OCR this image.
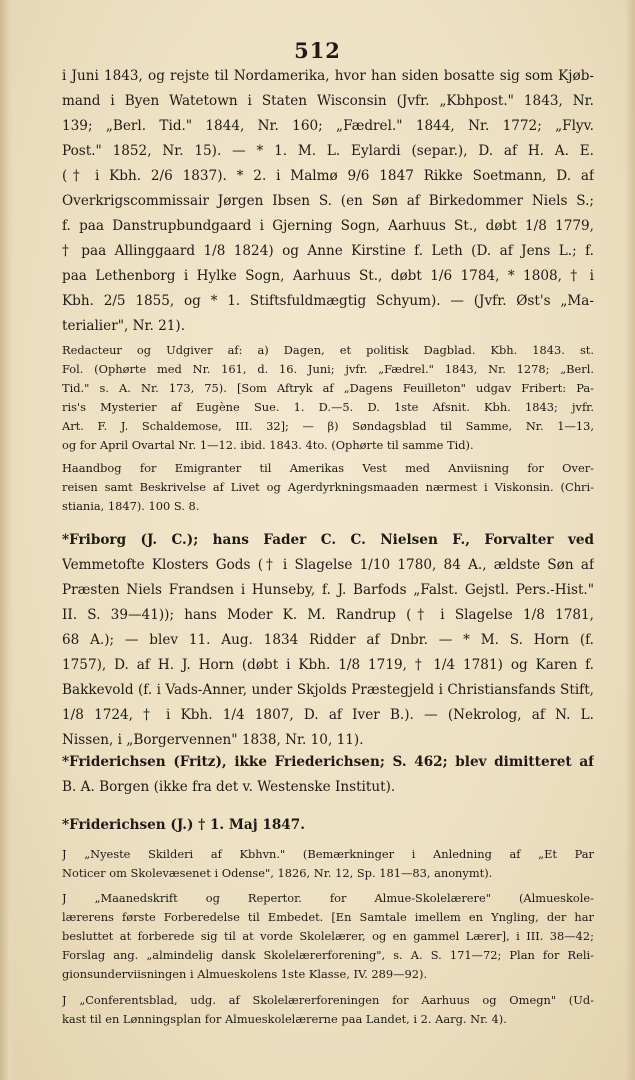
512
i Juni 1843, og rejste til Nordamerika, hvor han siden bosatte sig som Kjøb-
mand i Byen Watetown i Staten Wisconsin (Jvfr. „Kbhpost." 1843, Nr.
139; „Berl. Tid." 1844, Nr. 160; „Fædrel." 1844, Nr. 1772; „Flyv.
Post." 1852, Nr. 15). — * 1. M. L. Eylardi (separ.), D. af H. A. E.
(† i Kbh. 2/6 1837). * 2. i Malmø 9/6 1847 Rikke Soetmann, D. af
Overkrigscommissair Jørgen Ibsen S. (en Søn af Birkedommer Niels S.;
f. paa Danstrupbundgaard i Gjerning Sogn, Aarhuus St., døbt 1/8 1779,
† paa Allinggaard 1/8 1824) og Anne Kirstine f. Leth (D. af Jens L.; f.
paa Lethenborg i Hylke Sogn, Aarhuus St., døbt 1/6 1784, * 1808, † i
Kbh. 2/5 1855, og * 1. Stiftsfuldmægtig Schyum). — (Jvfr. Øst's „Ma-
terialier", Nr. 21).
Redacteur og Udgiver af: a) Dagen, et politisk Dagblad. Kbh. 1843. st.
Fol. (Ophørte med Nr. 161, d. 16. Juni; jvfr. „Fædrel." 1843, Nr. 1278; „Berl.
Tid." s. A. Nr. 173, 75). [Som Aftryk af „Dagens Feuilleton" udgav Fribert: Pa-
ris's Mysterier af Eugène Sue. 1. D.—5. D. 1ste Afsnit. Kbh. 1843; jvfr.
Art. F. J. Schaldemose, III. 32]; — β) Søndagsblad til Samme, Nr. 1—13,
og for April Ovartal Nr. 1—12. ibid. 1843. 4to. (Ophørte til samme Tid).
Haandbog for Emigranter til Amerikas Vest med Anviisning for Over-
reisen samt Beskrivelse af Livet og Agerdyrkningsmaaden nærmest i Viskonsin. (Chri-
stiania, 1847). 100 S. 8.
*Friborg (J. C.); hans Fader C. C. Nielsen F., Forvalter ved
Vemmetofte Klosters Gods († i Slagelse 1/10 1780, 84 A., ældste Søn af
Præsten Niels Frandsen i Hunseby, f. J. Barfods „Falst. Gejstl. Pers.-Hist."
II. S. 39—41)); hans Moder K. M. Randrup († i Slagelse 1/8 1781,
68 A.); — blev 11. Aug. 1834 Ridder af Dnbr. — * M. S. Horn (f.
1757), D. af H. J. Horn (døbt i Kbh. 1/8 1719, † 1/4 1781) og Karen f.
Bakkevold (f. i Vads-Anner, under Skjolds Præstegjeld i Christiansfands Stift,
1/8 1724, † i Kbh. 1/4 1807, D. af Iver B.). — (Nekrolog, af N. L.
Nissen, i „Borgervennen" 1838, Nr. 10, 11).
*Friderichsen (Fritz), ikke Friederichsen; S. 462; blev dimitteret af
B. A. Borgen (ikke fra det v. Westenske Institut).
*Friderichsen (J.) † 1. Maj 1847.
J „Nyeste Skilderi af Kbhvn." (Bemærkninger i Anledning af „Et Par
Noticer om Skolevæsenet i Odense", 1826, Nr. 12, Sp. 181—83, anonymt).
J „Maanedskrift og Repertor. for Almue-Skolelærere" (Almueskole-
lærerens første Forberedelse til Embedet. [En Samtale imellem en Yngling, der har
besluttet at forberede sig til at vorde Skolelærer, og en gammel Lærer], i III. 38—42;
Forslag ang. „almindelig dansk Skolelærerforening", s. A. S. 171—72; Plan for Reli-
gionsunderviisningen i Almueskolens 1ste Klasse, IV. 289—92).
J „Conferentsblad, udg. af Skolelærerforeningen for Aarhuus og Omegn" (Ud-
kast til en Lønningsplan for Almueskolelærerne paa Landet, i 2. Aarg. Nr. 4).
